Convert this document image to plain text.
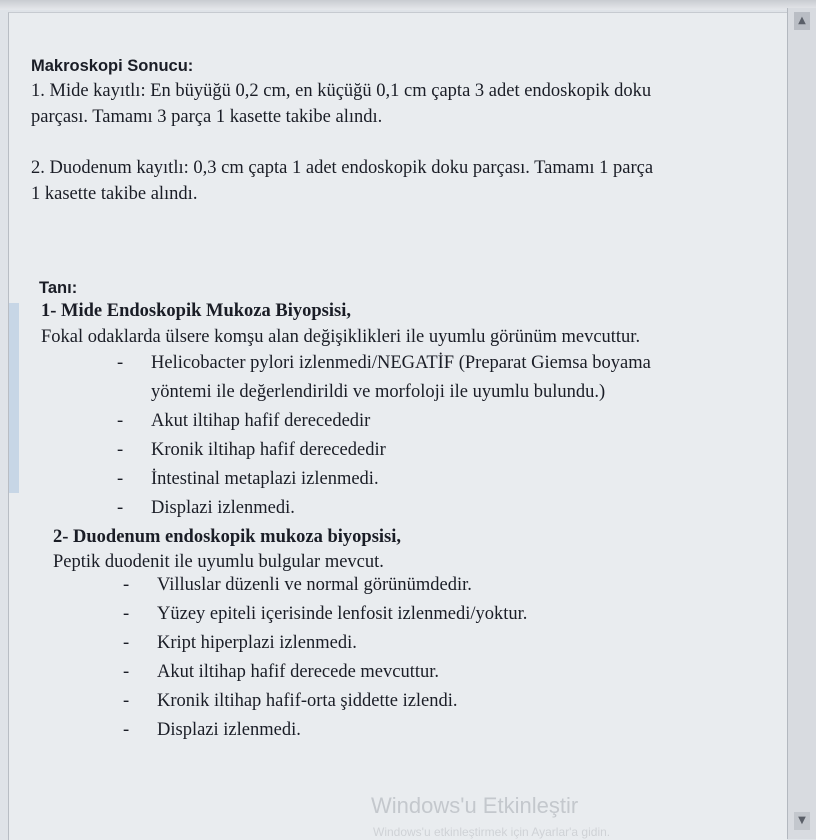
Makroskopi Sonucu:
1. Mide kayıtlı: En büyüğü 0,2 cm, en küçüğü 0,1 cm çapta 3 adet endoskopik doku
parçası. Tamamı 3 parça 1 kasette takibe alındı.
2. Duodenum kayıtlı: 0,3 cm çapta 1 adet endoskopik doku parçası. Tamamı 1 parça
1 kasette takibe alındı.
Tanı:
1- Mide Endoskopik Mukoza Biyopsisi,
Fokal odaklarda ülsere komşu alan değişiklikleri ile uyumlu görünüm mevcuttur.
-	Helicobacter pylori izlenmedi/NEGATİF (Preparat Giemsa boyama
yöntemi ile değerlendirildi ve morfoloji ile uyumlu bulundu.)
-	Akut iltihap hafif derecededir
-	Kronik iltihap hafif derecededir
-	İntestinal metaplazi izlenmedi.
-	Displazi izlenmedi.
2- Duodenum endoskopik mukoza biyopsisi,
Peptik duodenit ile uyumlu bulgular mevcut.
-	Villuslar düzenli ve normal görünümdedir.
-	Yüzey epiteli içerisinde lenfosit izlenmedi/yoktur.
-	Kript hiperplazi izlenmedi.
-	Akut iltihap hafif derecede mevcuttur.
-	Kronik iltihap hafif-orta şiddette izlendi.
-	Displazi izlenmedi.
Windows'u Etkinleştir
Windows'u etkinleştirmek için Ayarlar'a gidin.
▲
▼
